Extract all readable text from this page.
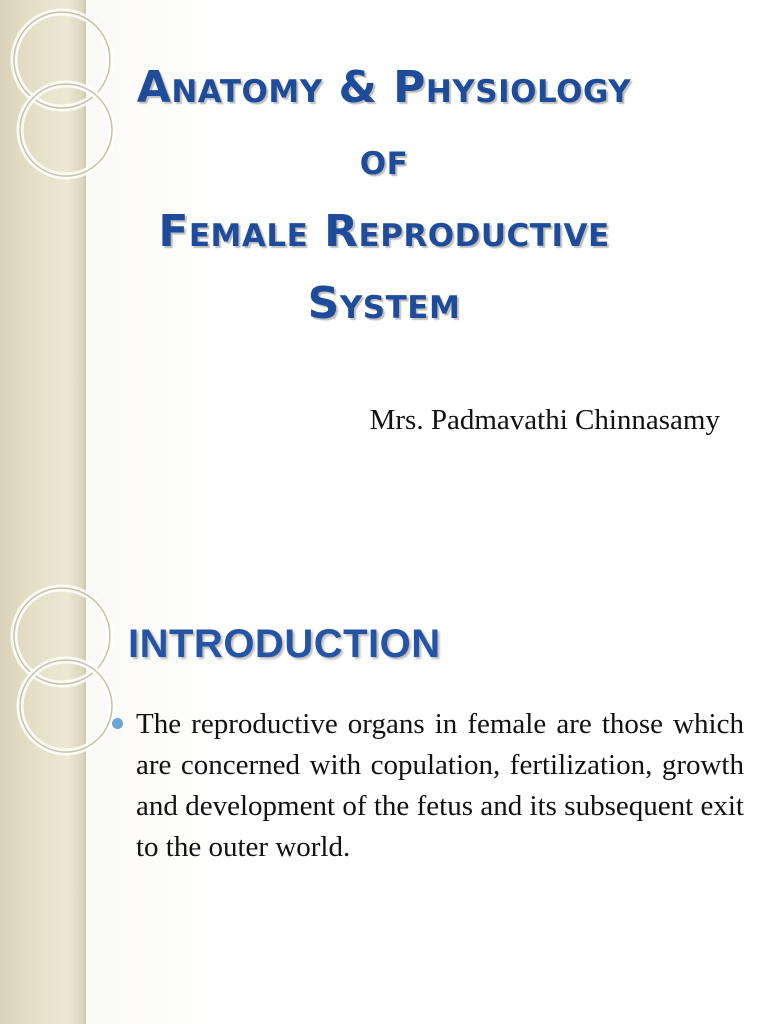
Anatomy & Physiology
of
Female Reproductive
System
Mrs. Padmavathi Chinnasamy
INTRODUCTION
The reproductive organs in female are those which are concerned with copulation, fertilization, growth and development of the fetus and its subsequent exit to the outer world.
